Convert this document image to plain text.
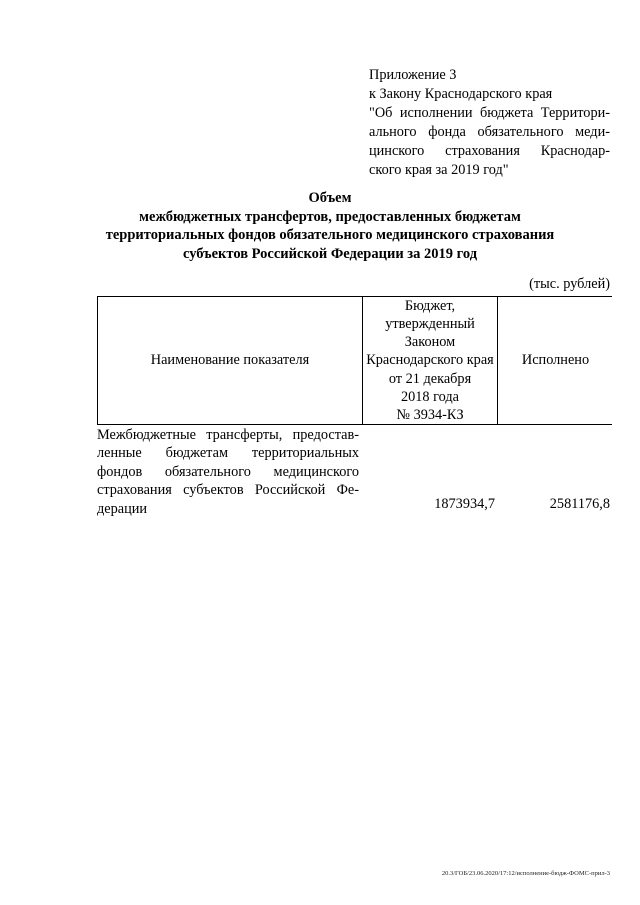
Приложение 3
к Закону Краснодарского края
"Об исполнении бюджета Территори-
ального фонда обязательного меди-
цинского страхования Краснодар-
ского края за 2019 год"
Объем
межбюджетных трансфертов, предоставленных бюджетам
территориальных фондов обязательного медицинского страхования
субъектов Российской Федерации за 2019 год
(тыс. рублей)
Наименование показателя
Бюджет,
утвержденный
Законом
Краснодарского края
от 21 декабря
2018 года
№ 3934-КЗ
Исполнено
Межбюджетные трансферты, предостав-
ленные бюджетам территориальных
фондов обязательного медицинского
страхования субъектов Российской Фе-
дерации	1873934,7	2581176,8
20.3/ГОБ/23.06.2020/17:12/исполнение-бюдж-ФОМС-прил-3
